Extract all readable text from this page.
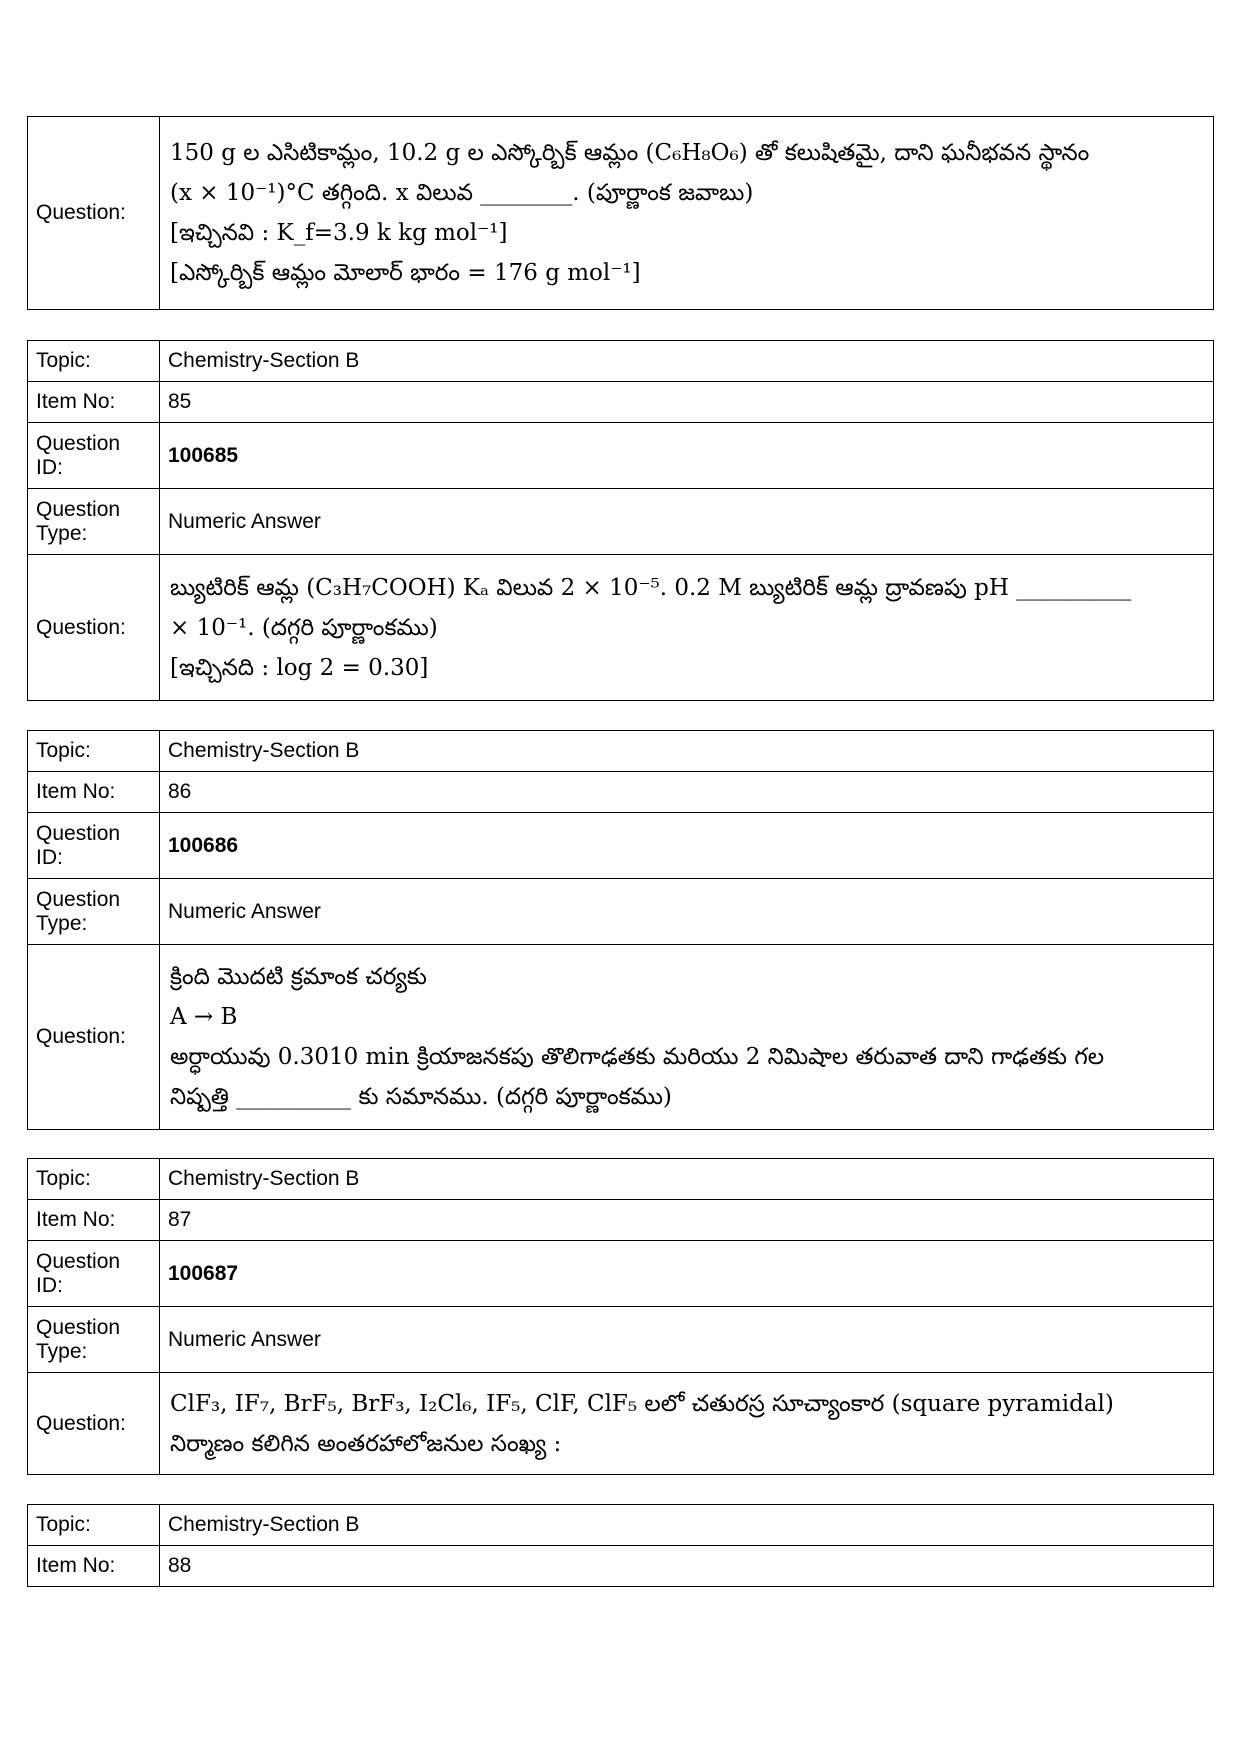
Question:	

150 g ల ఎసిటికామ్లం, 10.2 g ల ఎస్కోర్బిక్ ఆమ్లం (C₆H₈O₆) తో కలుషితమై, దాని ఘనీభవన స్థానం

(x × 10⁻¹)°C తగ్గింది. x విలువ ________. (పూర్ణాంక జవాబు)

[ఇచ్చినవి : K_f=3.9 k kg mol⁻¹]

[ఎస్కోర్బిక్ ఆమ్లం మోలార్ భారం = 176 g mol⁻¹]

Topic:	Chemistry-Section B
Item No:	85
Question ID:	100685
Question Type:	Numeric Answer
Question:	బ్యుటిరిక్ ఆమ్ల (C₃H₇COOH) Kₐ విలువ 2 × 10⁻⁵. 0.2 M బ్యుటిరిక్ ఆమ్ల ద్రావణపు pH __________

× 10⁻¹. (దగ్గరి పూర్ణాంకము)

[ఇచ్చినది : log 2 = 0.30]

Topic:	Chemistry-Section B
Item No:	86
Question ID:	100686
Question Type:	Numeric Answer
Question:	క్రింది మొదటి క్రమాంక చర్యకు

A → B

అర్ధాయువు 0.3010 min క్రియాజనకపు తొలిగాఢతకు మరియు 2 నిమిషాల తరువాత దాని గాఢతకు గల

నిష్పత్తి __________ కు సమానము. (దగ్గరి పూర్ణాంకము)

Topic:	Chemistry-Section B
Item No:	87
Question ID:	100687
Question Type:	Numeric Answer
Question:	ClF₃, IF₇, BrF₅, BrF₃, I₂Cl₆, IF₅, ClF, ClF₅ లలో చతురస్ర సూచ్యాంకార (square pyramidal)

నిర్మాణం కలిగిన అంతరహాలోజనుల సంఖ్య :

Topic:	Chemistry-Section B
Item No:	88
